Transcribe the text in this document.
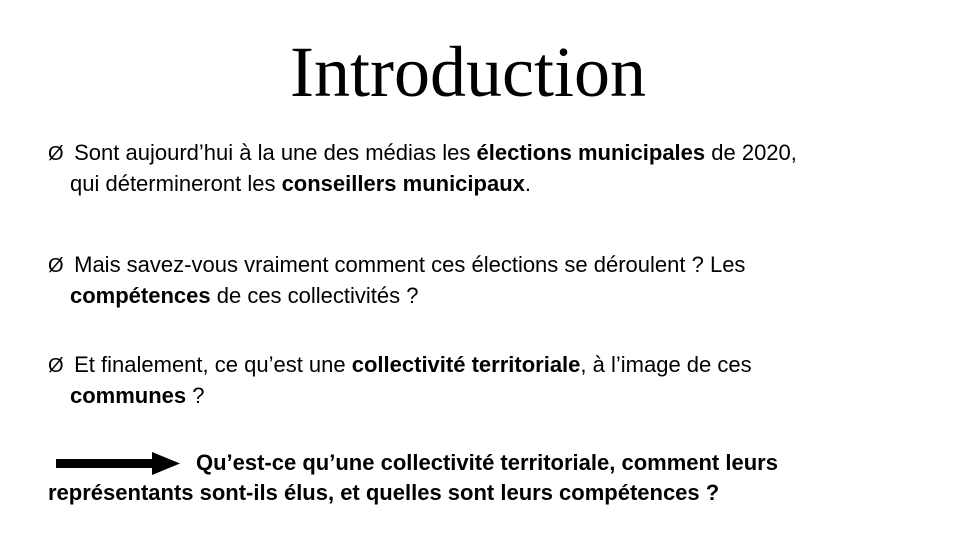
Introduction
Ø Sont aujourd’hui à la une des médias les élections municipales de 2020,
qui détermineront les conseillers municipaux.
Ø Mais savez-vous vraiment comment ces élections se déroulent ? Les
compétences de ces collectivités ?
Ø Et finalement, ce qu’est une collectivité territoriale, à l’image de ces
communes ?
Qu’est-ce qu’une collectivité territoriale, comment leurs
représentants sont-ils élus, et quelles sont leurs compétences ?
